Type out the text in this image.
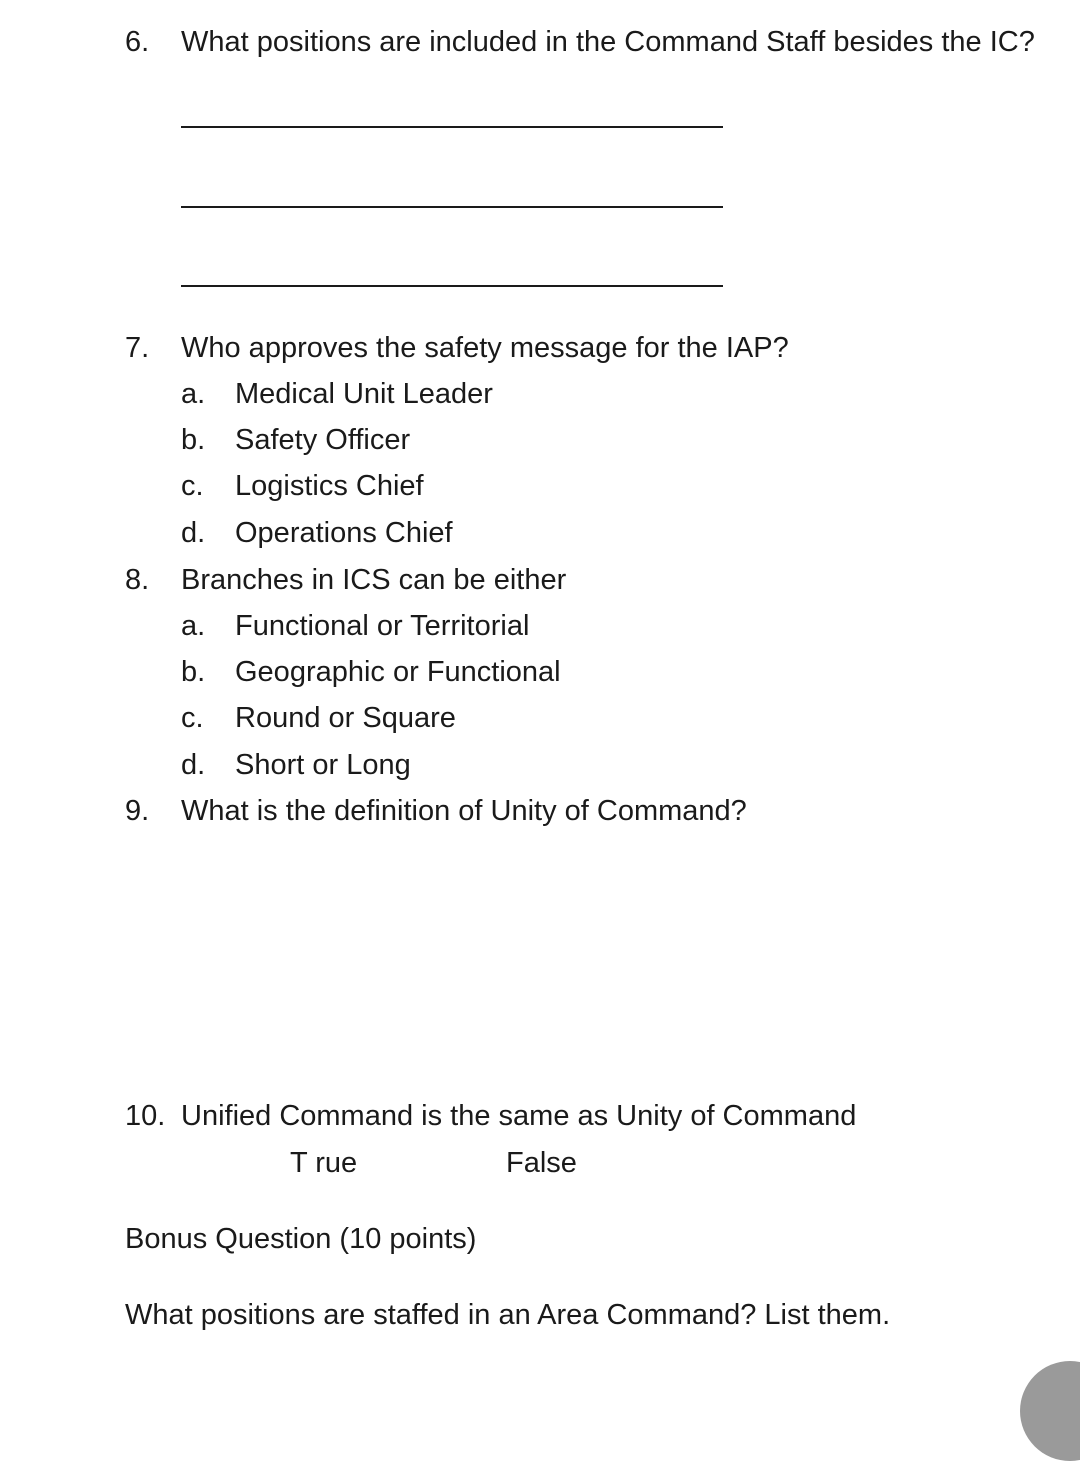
6. What positions are included in the Command Staff besides the IC?
7. Who approves the safety message for the IAP?
a. Medical Unit Leader
b. Safety Officer
c. Logistics Chief
d. Operations Chief
8. Branches in ICS can be either
a. Functional or Territorial
b. Geographic or Functional
c. Round or Square
d. Short or Long
9. What is the definition of Unity of Command?
10. Unified Command is the same as Unity of Command
T rue	False
Bonus Question (10 points)
What positions are staffed in an Area Command? List them.
